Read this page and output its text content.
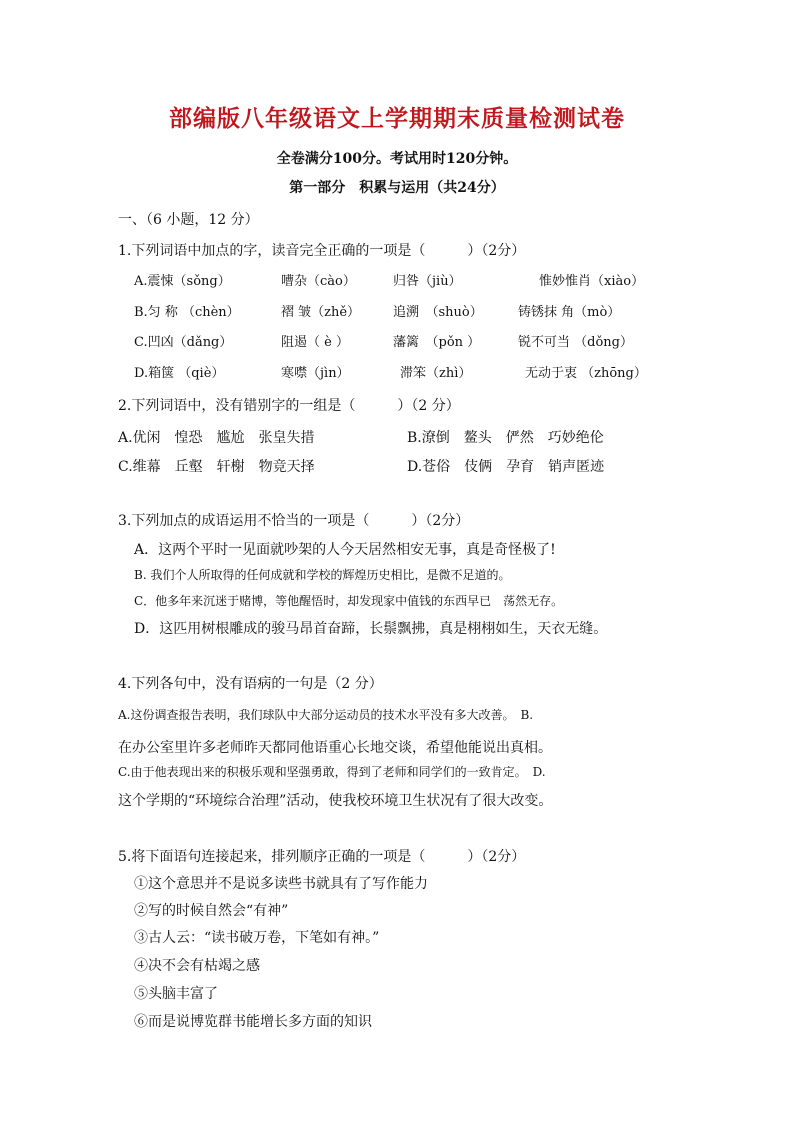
部编版八年级语文上学期期末质量检测试卷
全卷满分100分。考试用时120分钟。
第一部分　积累与运用（共24分）
一、（6 小题，12 分）
1.下列词语中加点的字，读音完全正确的一项是（　　　）（2分）
A.震悚（sǒng）	嘈杂（cào）	归咎（jiù）	惟妙惟肖（xiào）
B.匀 称 （chèn）	褶 皱（zhě）	追溯　（shuò）	铸锈抹 角（mò）
C.凹凶（dǎng）	阻遏（ è ）	藩篱　（pǒn ）	锐不可当 （dǒng）
D.箱箧 （qiè）	寒噤（jìn）	滞笨（zhì）	无动于衷 （zhōng）
2.下列词语中，没有错别字的一组是（　　　）（2 分）
A.优闲　惶恐　尴尬　张皇失措	B.潦倒　鳌头　俨然　巧妙绝伦
C.维幕　丘壑　轩榭　物竞天择	D.苍俗　伎俩　孕育　销声匿迹
3.下列加点的成语运用不恰当的一项是（　　　）（2分）
A．这两个平时一见面就吵架的人今天居然相安无事，真是奇怪极了!
B. 我们个人所取得的任何成就和学校的辉煌历史相比，是微不足道的。
C．他多年来沉迷于赌博，等他醒悟时，却发现家中值钱的东西早已　荡然无存。
D．这匹用树根雕成的骏马昂首奋蹄，长鬃飘拂，真是栩栩如生，天衣无缝。
4.下列各句中，没有语病的一句是（2 分）
A.这份调查报告表明，我们球队中大部分运动员的技术水平没有多大改善。　B.
在办公室里许多老师昨天都同他语重心长地交谈，希望他能说出真相。
C.由于他表现出来的积极乐观和坚强勇敢，得到了老师和同学们的一致肯定。　D.
这个学期的“环境综合治理”活动，使我校环境卫生状况有了很大改变。
5.将下面语句连接起来，排列顺序正确的一项是（　　　）（2分）
①这个意思并不是说多读些书就具有了写作能力
②写的时候自然会“有神”
③古人云：“读书破万卷，下笔如有神。”
④决不会有枯竭之感
⑤头脑丰富了
⑥而是说博览群书能增长多方面的知识
